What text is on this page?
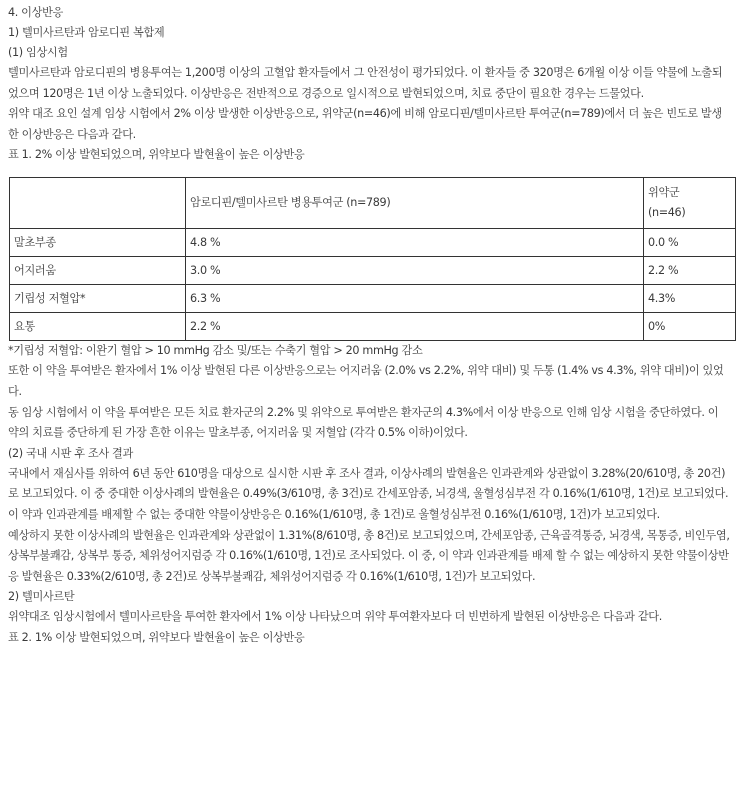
4. 이상반응
1) 텔미사르탄과 암로디핀 복합제
(1) 임상시험
텔미사르탄과 암로디핀의 병용투여는 1,200명 이상의 고혈압 환자들에서 그 안전성이 평가되었다. 이 환자들 중 320명은 6개월 이상 이들 약물에 노출되었으며 120명은 1년 이상 노출되었다. 이상반응은 전반적으로 경증으로 일시적으로 발현되었으며, 치료 중단이 필요한 경우는 드물었다.
위약 대조 요인 설계 임상 시험에서 2% 이상 발생한 이상반응으로, 위약군(n=46)에 비해 암로디핀/텔미사르탄 투여군(n=789)에서 더 높은 빈도로 발생한 이상반응은 다음과 같다.
표 1. 2% 이상 발현되었으며, 위약보다 발현율이 높은 이상반응
	암로디핀/텔미사르탄 병용투여군 (n=789)	위약군
(n=46)

말초부종	4.8 %	0.0 %
어지러움	3.0 %	2.2 %
기립성 저혈압*	6.3 %	4.3%
요통	2.2 %	0%
*기립성 저혈압: 이완기 혈압 > 10 mmHg 감소 및/또는 수축기 혈압 > 20 mmHg 감소
또한 이 약을 투여받은 환자에서 1% 이상 발현된 다른 이상반응으로는 어지러움 (2.0% vs 2.2%, 위약 대비) 및 두통 (1.4% vs 4.3%, 위약 대비)이 있었다.
동 임상 시험에서 이 약을 투여받은 모든 치료 환자군의 2.2% 및 위약으로 투여받은 환자군의 4.3%에서 이상 반응으로 인해 임상 시험을 중단하였다. 이 약의 치료를 중단하게 된 가장 흔한 이유는 말초부종, 어지러움 및 저혈압 (각각 0.5% 이하)이었다.
(2) 국내 시판 후 조사 결과
국내에서 재심사를 위하여 6년 동안 610명을 대상으로 실시한 시판 후 조사 결과, 이상사례의 발현율은 인과관계와 상관없이 3.28%(20/610명, 총 20건)로 보고되었다. 이 중 중대한 이상사례의 발현율은 0.49%(3/610명, 총 3건)로 간세포암종, 뇌경색, 울혈성심부전 각 0.16%(1/610명, 1건)로 보고되었다. 이 약과 인과관계를 배제할 수 없는 중대한 약물이상반응은 0.16%(1/610명, 총 1건)로 울혈성심부전 0.16%(1/610명, 1건)가 보고되었다.
예상하지 못한 이상사례의 발현율은 인과관계와 상관없이 1.31%(8/610명, 총 8건)로 보고되었으며, 간세포암종, 근육골격통증, 뇌경색, 목통증, 비인두염, 상복부불쾌감, 상복부 통증, 체위성어지럼증 각 0.16%(1/610명, 1건)로 조사되었다. 이 중, 이 약과 인과관계를 배제 할 수 없는 예상하지 못한 약물이상반응 발현율은 0.33%(2/610명, 총 2건)로 상복부불쾌감, 체위성어지럼증 각 0.16%(1/610명, 1건)가 보고되었다.
2) 텔미사르탄
위약대조 임상시험에서 텔미사르탄을 투여한 환자에서 1% 이상 나타났으며 위약 투여환자보다 더 빈번하게 발현된 이상반응은 다음과 같다.
표 2. 1% 이상 발현되었으며, 위약보다 발현율이 높은 이상반응
